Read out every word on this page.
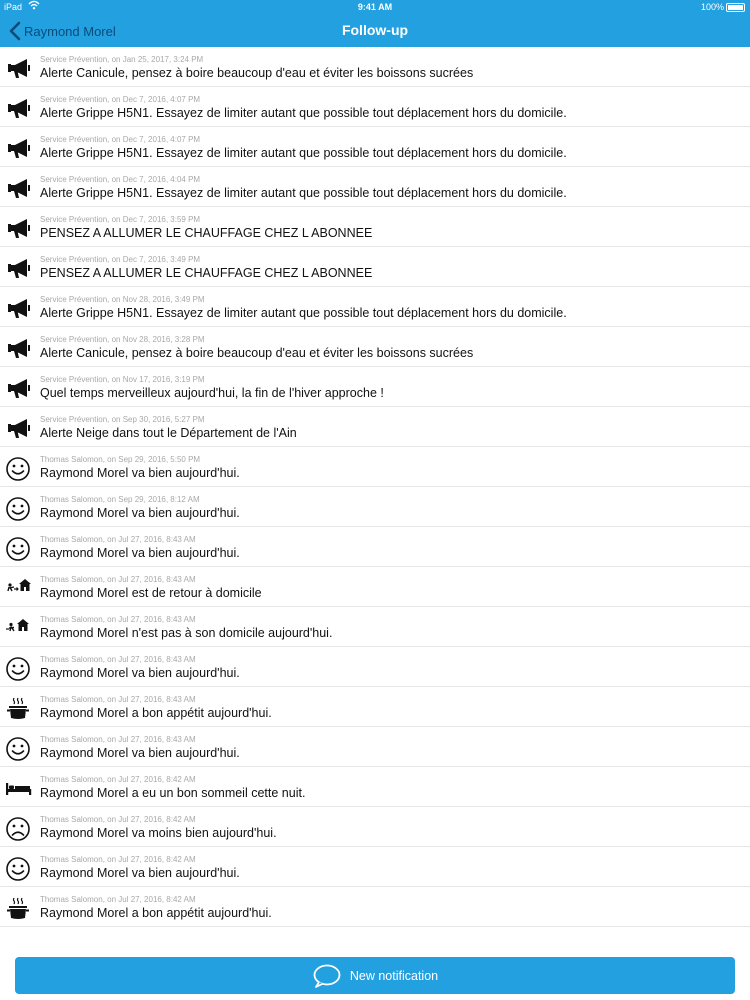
iPad	9:41 AM	100%
Raymond Morel	Follow-up
Service Prévention, on Jan 25, 2017, 3:24 PM
Alerte Canicule, pensez à boire beaucoup d'eau et éviter les boissons sucrées
Service Prévention, on Dec 7, 2016, 4:07 PM
Alerte Grippe H5N1. Essayez de limiter autant que possible tout déplacement hors du domicile.
Service Prévention, on Dec 7, 2016, 4:07 PM
Alerte Grippe H5N1. Essayez de limiter autant que possible tout déplacement hors du domicile.
Service Prévention, on Dec 7, 2016, 4:04 PM
Alerte Grippe H5N1. Essayez de limiter autant que possible tout déplacement hors du domicile.
Service Prévention, on Dec 7, 2016, 3:59 PM
PENSEZ A ALLUMER LE CHAUFFAGE CHEZ L ABONNEE
Service Prévention, on Dec 7, 2016, 3:49 PM
PENSEZ A ALLUMER LE CHAUFFAGE CHEZ L ABONNEE
Service Prévention, on Nov 28, 2016, 3:49 PM
Alerte Grippe H5N1. Essayez de limiter autant que possible tout déplacement hors du domicile.
Service Prévention, on Nov 28, 2016, 3:28 PM
Alerte Canicule, pensez à boire beaucoup d'eau et éviter les boissons sucrées
Service Prévention, on Nov 17, 2016, 3:19 PM
Quel temps merveilleux aujourd'hui, la fin de l'hiver approche !
Service Prévention, on Sep 30, 2016, 5:27 PM
Alerte Neige dans tout le Département de l'Ain
Thomas Salomon, on Sep 29, 2016, 5:50 PM
Raymond Morel va bien aujourd'hui.
Thomas Salomon, on Sep 29, 2016, 8:12 AM
Raymond Morel va bien aujourd'hui.
Thomas Salomon, on Jul 27, 2016, 8:43 AM
Raymond Morel va bien aujourd'hui.
Thomas Salomon, on Jul 27, 2016, 8:43 AM
Raymond Morel est de retour à domicile
Thomas Salomon, on Jul 27, 2016, 8:43 AM
Raymond Morel n'est pas à son domicile aujourd'hui.
Thomas Salomon, on Jul 27, 2016, 8:43 AM
Raymond Morel va bien aujourd'hui.
Thomas Salomon, on Jul 27, 2016, 8:43 AM
Raymond Morel a bon appétit aujourd'hui.
Thomas Salomon, on Jul 27, 2016, 8:43 AM
Raymond Morel va bien aujourd'hui.
Thomas Salomon, on Jul 27, 2016, 8:42 AM
Raymond Morel a eu un bon sommeil cette nuit.
Thomas Salomon, on Jul 27, 2016, 8:42 AM
Raymond Morel va moins bien aujourd'hui.
Thomas Salomon, on Jul 27, 2016, 8:42 AM
Raymond Morel va bien aujourd'hui.
Thomas Salomon, on Jul 27, 2016, 8:42 AM
Raymond Morel a bon appétit aujourd'hui.
New notification
